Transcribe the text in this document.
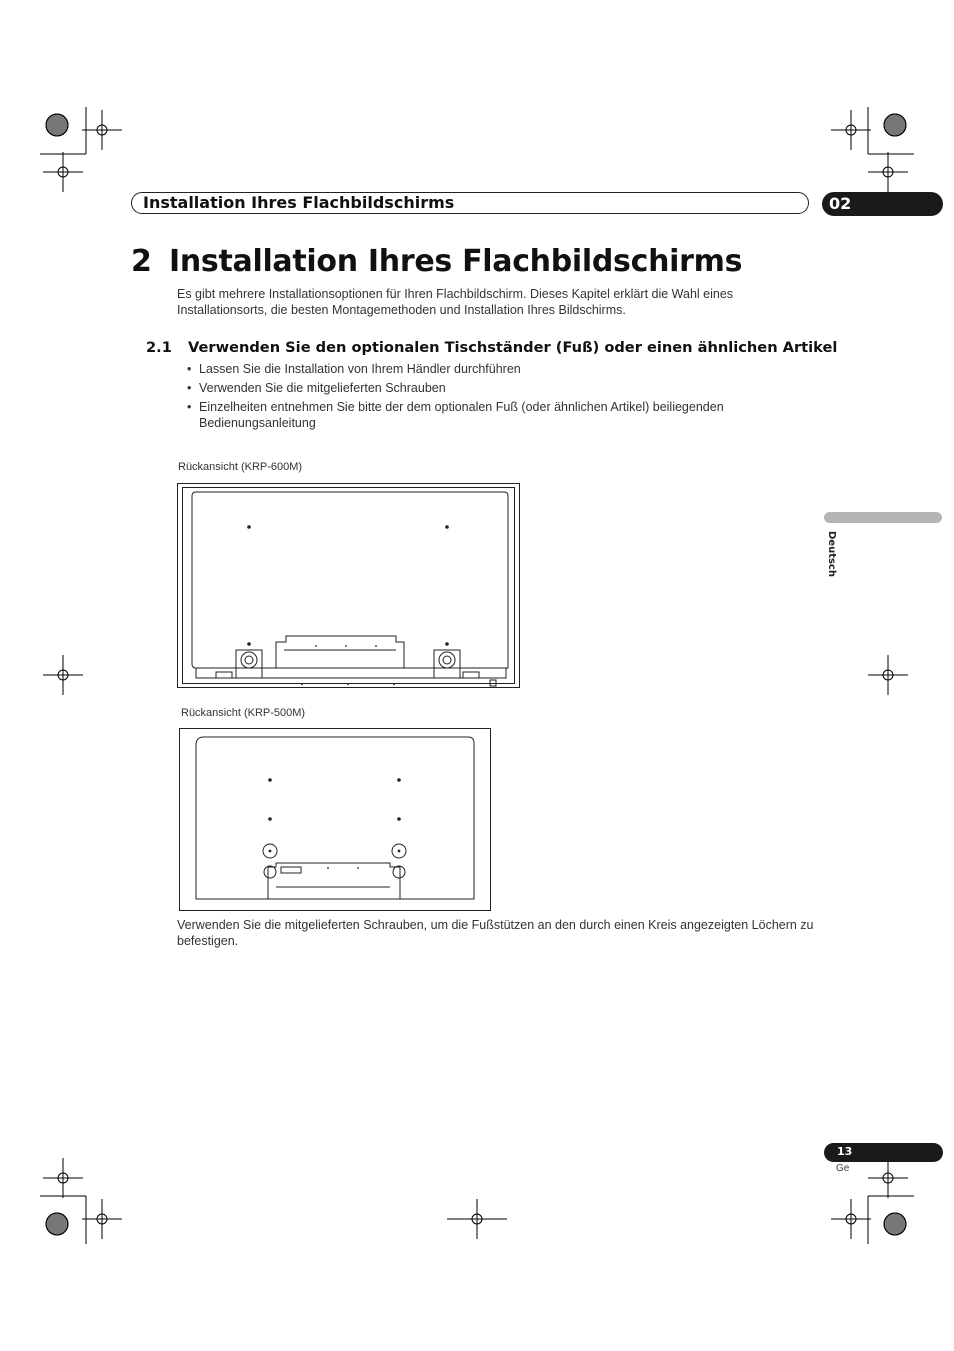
Installation Ihres Flachbildschirms	02
2 Installation Ihres Flachbildschirms
Es gibt mehrere Installationsoptionen für Ihren Flachbildschirm. Dieses Kapitel erklärt die Wahl eines Installationsorts, die besten Montagemethoden und Installation Ihres Bildschirms.
2.1 Verwenden Sie den optionalen Tischständer (Fuß) oder einen ähnlichen Artikel
• Lassen Sie die Installation von Ihrem Händler durchführen
• Verwenden Sie die mitgelieferten Schrauben
• Einzelheiten entnehmen Sie bitte der dem optionalen Fuß (oder ähnlichen Artikel) beiliegenden Bedienungsanleitung
Rückansicht (KRP-600M)
Rückansicht (KRP-500M)
Verwenden Sie die mitgelieferten Schrauben, um die Fußstützen an den durch einen Kreis angezeigten Löchern zu befestigen.
Deutsch
13
Ge
